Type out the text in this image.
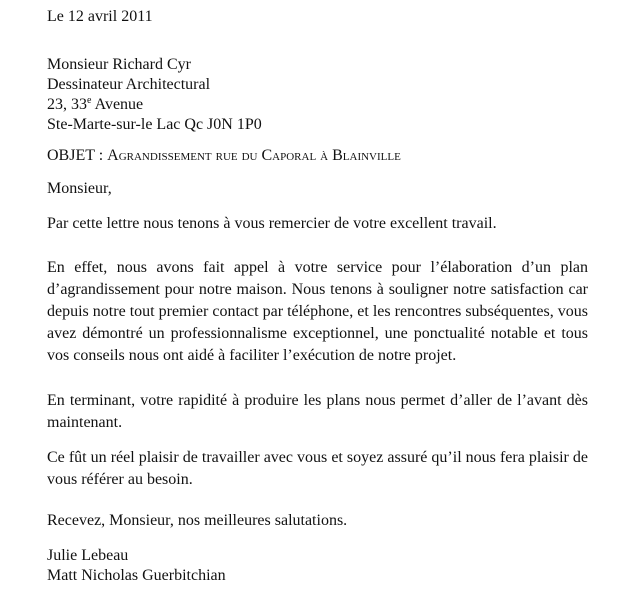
Le 12 avril 2011
Monsieur Richard Cyr
Dessinateur Architectural
23, 33e Avenue
Ste-Marte-sur-le Lac Qc J0N 1P0
OBJET : Agrandissement rue du Caporal à Blainville
Monsieur,
Par cette lettre nous tenons à vous remercier de votre excellent travail.
En effet, nous avons fait appel à votre service pour l’élaboration d’un plan d’agrandissement pour notre maison. Nous tenons à souligner notre satisfaction car depuis notre tout premier contact par téléphone, et les rencontres subséquentes, vous avez démontré un professionnalisme exceptionnel, une ponctualité notable et tous vos conseils nous ont aidé à faciliter l’exécution de notre projet.
En terminant, votre rapidité à produire les plans nous permet d’aller de l’avant dès maintenant.
Ce fût un réel plaisir de travailler avec vous et soyez assuré qu’il nous fera plaisir de vous référer au besoin.
Recevez, Monsieur, nos meilleures salutations.
Julie Lebeau
Matt Nicholas Guerbitchian
